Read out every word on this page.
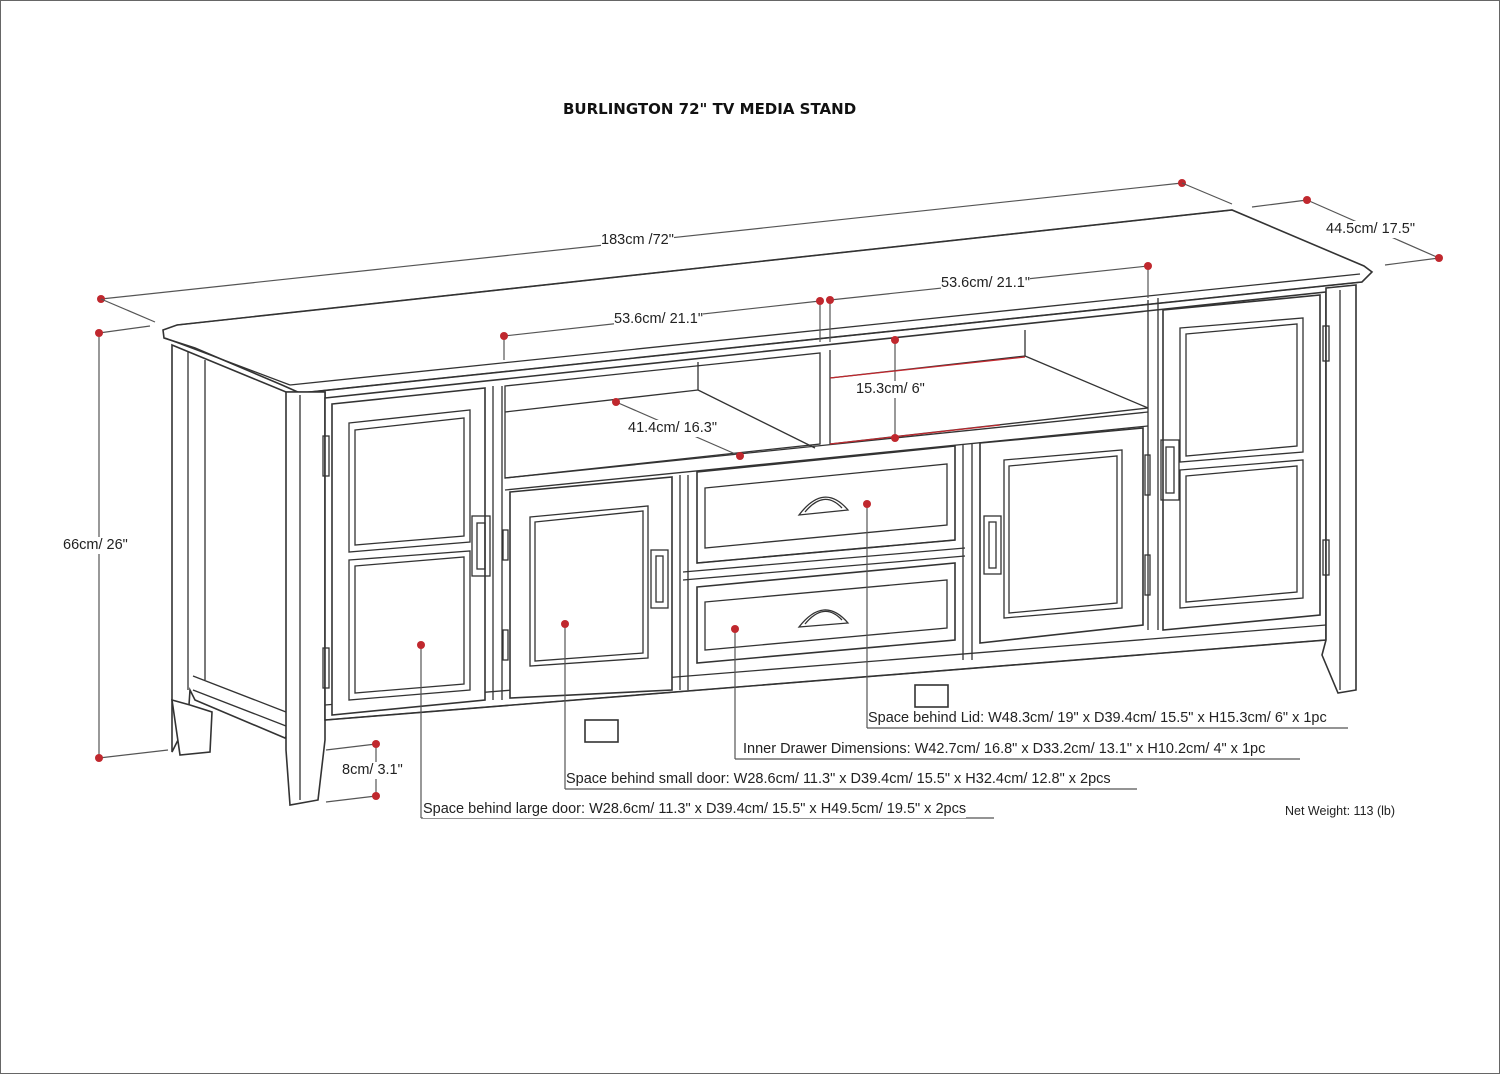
BURLINGTON 72" TV MEDIA STAND
183cm /72"
44.5cm/ 17.5"
66cm/ 26"
8cm/ 3.1"
53.6cm/ 21.1"
53.6cm/ 21.1"
41.4cm/ 16.3"
15.3cm/ 6"
Space behind Lid: W48.3cm/ 19" x D39.4cm/ 15.5" x H15.3cm/ 6" x 1pc
Inner Drawer Dimensions: W42.7cm/ 16.8" x D33.2cm/ 13.1" x H10.2cm/ 4" x 1pc
Space behind small door: W28.6cm/ 11.3" x D39.4cm/ 15.5" x H32.4cm/ 12.8" x 2pcs
Space behind large door: W28.6cm/ 11.3" x D39.4cm/ 15.5" x H49.5cm/ 19.5" x 2pcs	Net Weight: 113 (lb)
